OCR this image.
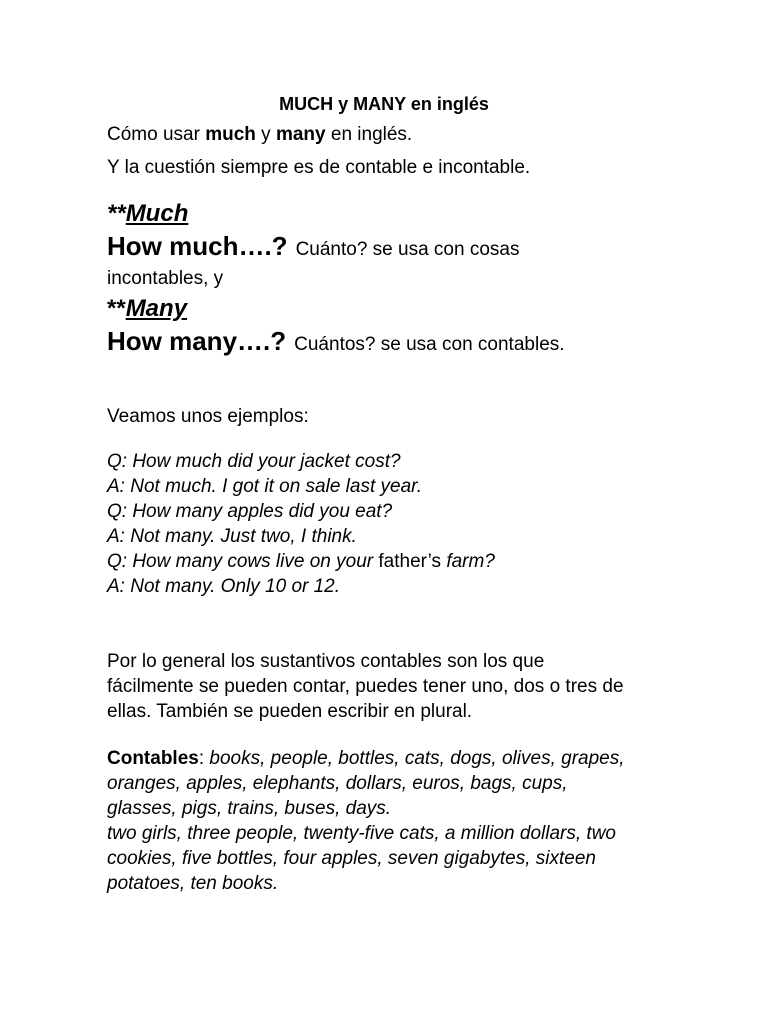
MUCH y MANY en inglés
Cómo usar much y many en inglés.
Y la cuestión siempre es de contable e incontable.
**Much
How much….? Cuánto? se usa con cosas
incontables, y
**Many
How many….? Cuántos? se usa con contables.
Veamos unos ejemplos:
Q: How much did your jacket cost?
A: Not much. I got it on sale last year.
Q: How many apples did you eat?
A: Not many. Just two, I think.
Q: How many cows live on your father’s farm?
A: Not many. Only 10 or 12.
Por lo general los sustantivos contables son los que
fácilmente se pueden contar, puedes tener uno, dos o tres de
ellas. También se pueden escribir en plural.
Contables: books, people, bottles, cats, dogs, olives, grapes,
oranges, apples, elephants, dollars, euros, bags, cups,
glasses, pigs, trains, buses, days.
two girls, three people, twenty-five cats, a million dollars, two
cookies, five bottles, four apples, seven gigabytes, sixteen
potatoes, ten books.
